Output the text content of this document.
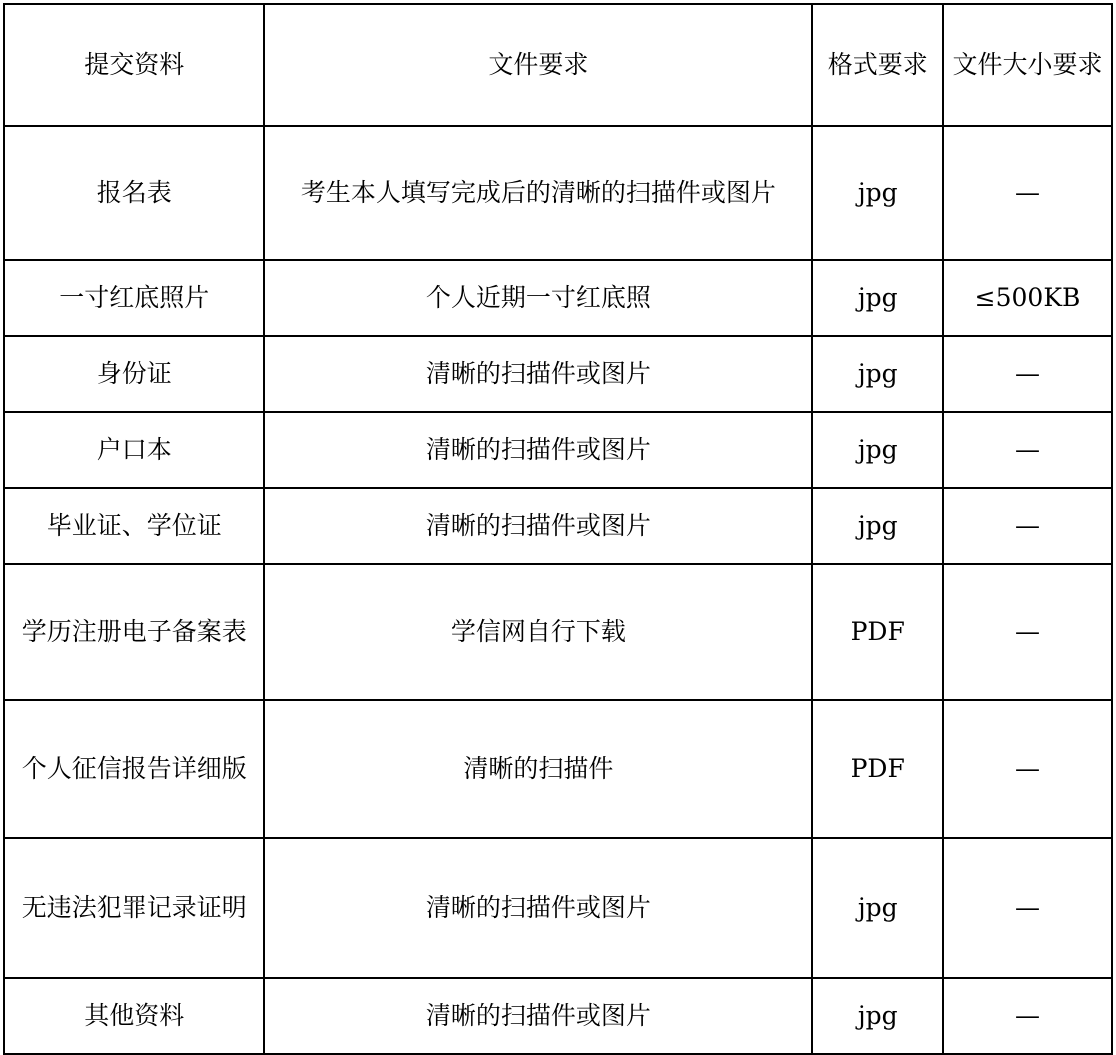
提交资料	文件要求	格式要求	文件大小要求
报名表	考生本人填写完成后的清晰的扫描件或图片	jpg	—
一寸红底照片	个人近期一寸红底照	jpg	≤500KB
身份证	清晰的扫描件或图片	jpg	—
户口本	清晰的扫描件或图片	jpg	—
毕业证、学位证	清晰的扫描件或图片	jpg	—
学历注册电子备案表	学信网自行下载	PDF	—
个人征信报告详细版	清晰的扫描件	PDF	—
无违法犯罪记录证明	清晰的扫描件或图片	jpg	—
其他资料	清晰的扫描件或图片	jpg	—
